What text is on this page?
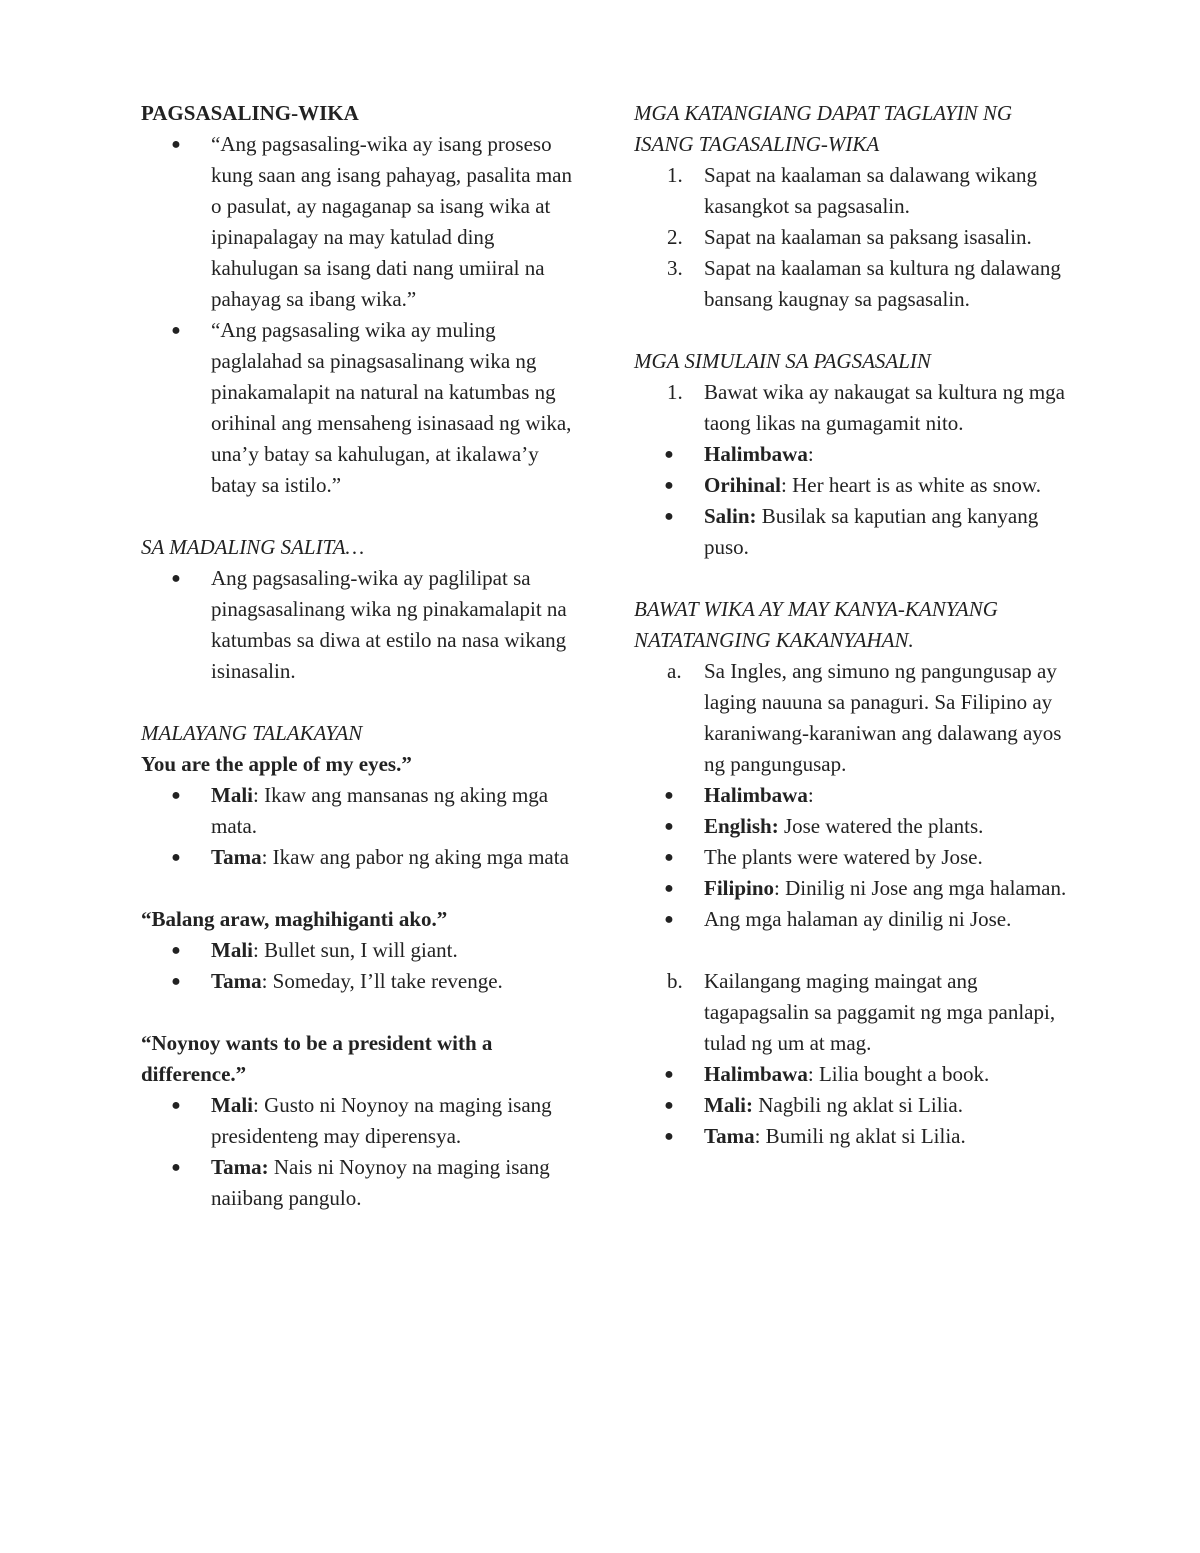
PAGSASALING-WIKA
●	“Ang pagsasaling-wika ay isang proseso kung saan ang isang pahayag, pasalita man o pasulat, ay nagaganap sa isang wika at ipinapalagay na may katulad ding kahulugan sa isang dati nang umiiral na pahayag sa ibang wika.”
●	“Ang pagsasaling wika ay muling paglalahad sa pinagsasalinang wika ng pinakamalapit na natural na katumbas ng orihinal ang mensaheng isinasaad ng wika, una’y batay sa kahulugan, at ikalawa’y batay sa istilo.”
SA MADALING SALITA…
●	Ang pagsasaling-wika ay paglilipat sa pinagsasalinang wika ng pinakamalapit na katumbas sa diwa at estilo na nasa wikang isinasalin.
MALAYANG TALAKAYAN
You are the apple of my eyes.”
●	Mali: Ikaw ang mansanas ng aking mga mata.
●	Tama: Ikaw ang pabor ng aking mga mata
“Balang araw, maghihiganti ako.”
●	Mali: Bullet sun, I will giant.
●	Tama: Someday, I’ll take revenge.
“Noynoy wants to be a president with a difference.”
●	Mali: Gusto ni Noynoy na maging isang presidenteng may diperensya.
●	Tama: Nais ni Noynoy na maging isang naiibang pangulo.
MGA KATANGIANG DAPAT TAGLAYIN NG ISANG TAGASALING-WIKA
1.	Sapat na kaalaman sa dalawang wikang kasangkot sa pagsasalin.
2.	Sapat na kaalaman sa paksang isasalin.
3.	Sapat na kaalaman sa kultura ng dalawang bansang kaugnay sa pagsasalin.
MGA SIMULAIN SA PAGSASALIN
1.	Bawat wika ay nakaugat sa kultura ng mga taong likas na gumagamit nito.
●	Halimbawa:
●	Orihinal: Her heart is as white as snow.
●	Salin: Busilak sa kaputian ang kanyang puso.
BAWAT WIKA AY MAY KANYA-KANYANG NATATANGING KAKANYAHAN.
a.	Sa Ingles, ang simuno ng pangungusap ay laging nauuna sa panaguri. Sa Filipino ay karaniwang-karaniwan ang dalawang ayos ng pangungusap.
●	Halimbawa:
●	English: Jose watered the plants.
●	The plants were watered by Jose.
●	Filipino: Dinilig ni Jose ang mga halaman.
●	Ang mga halaman ay dinilig ni Jose.
b.	Kailangang maging maingat ang tagapagsalin sa paggamit ng mga panlapi, tulad ng um at mag.
●	Halimbawa: Lilia bought a book.
●	Mali: Nagbili ng aklat si Lilia.
●	Tama: Bumili ng aklat si Lilia.
